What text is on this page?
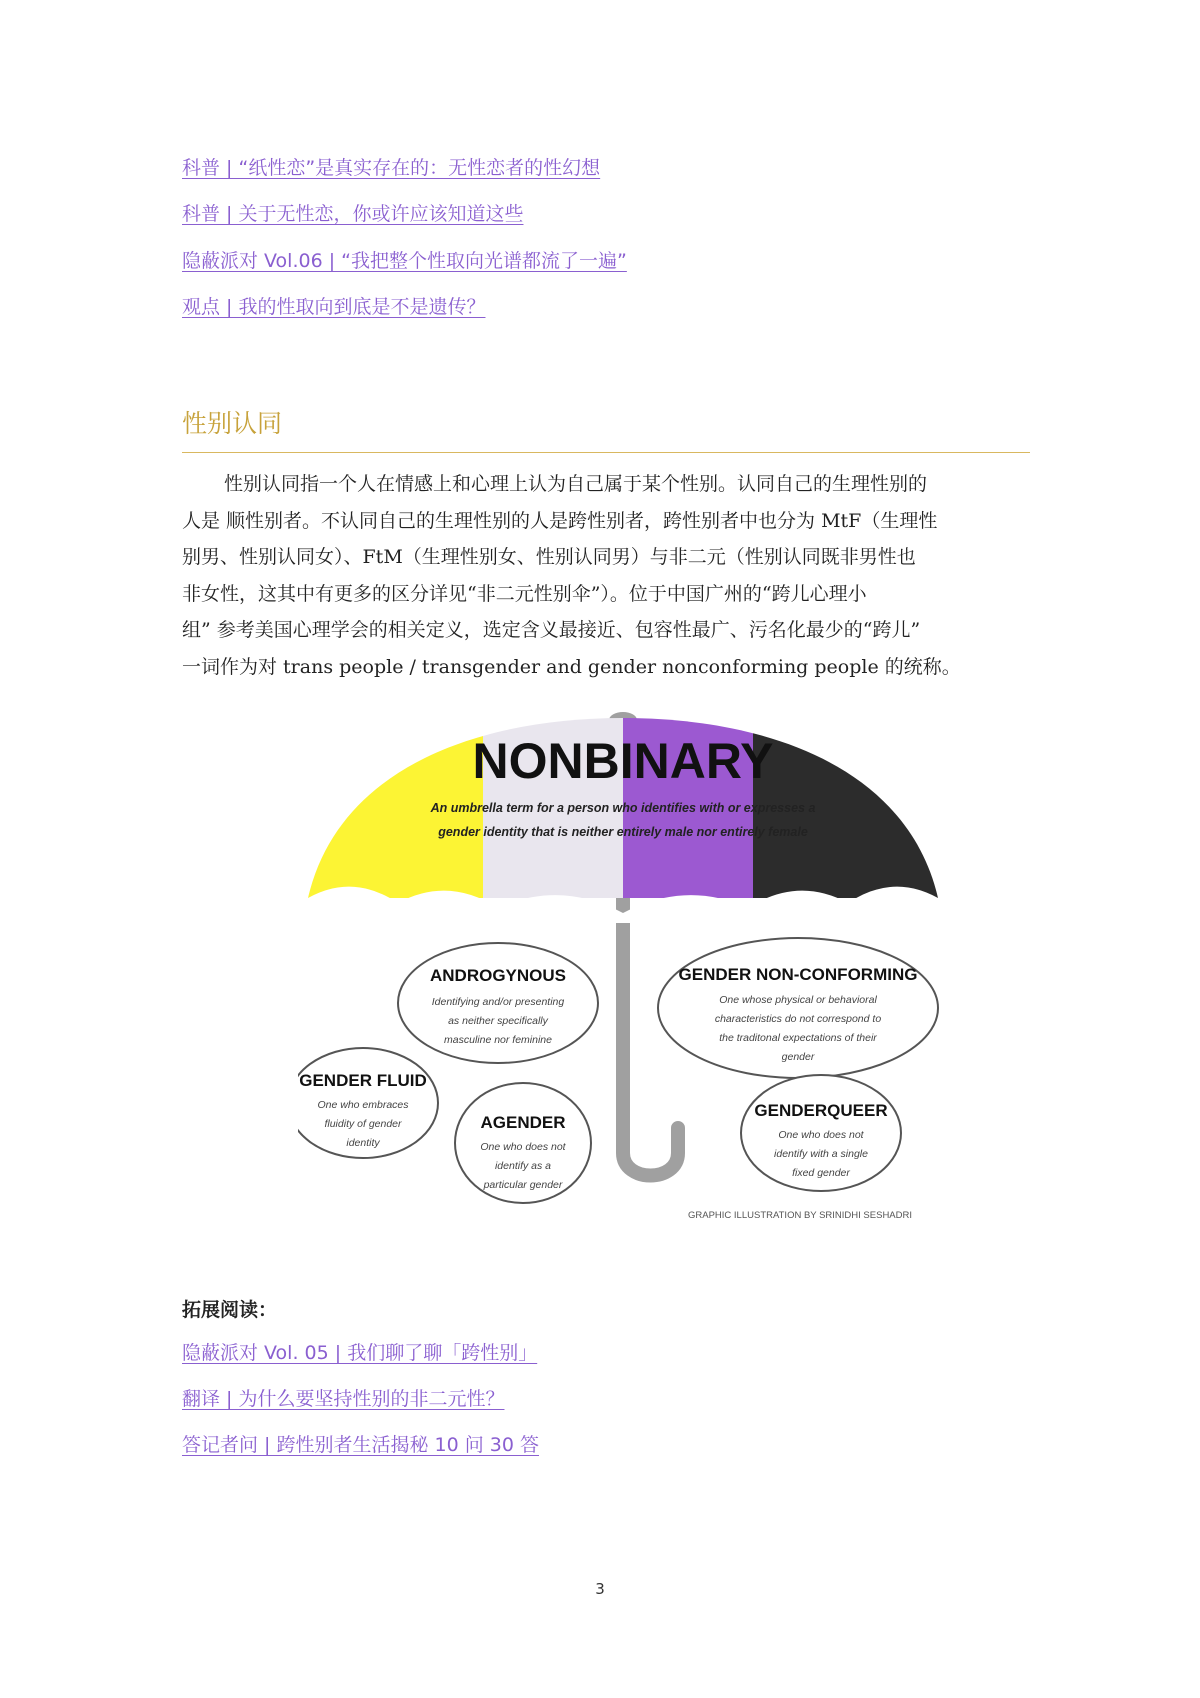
科普 | “纸性恋”是真实存在的：无性恋者的性幻想
科普 | 关于无性恋，你或许应该知道这些
隐蔽派对 Vol.06 | “我把整个性取向光谱都流了一遍”
观点 | 我的性取向到底是不是遗传？
性别认同
性别认同指一个人在情感上和心理上认为自己属于某个性别。认同自己的生理性别的
人是 顺性别者。不认同自己的生理性别的人是跨性别者，跨性别者中也分为 MtF（生理性
别男、性别认同女）、FtM（生理性别女、性别认同男）与非二元（性别认同既非男性也
非女性，这其中有更多的区分详见“非二元性别伞”）。位于中国广州的“跨儿心理小
组” 参考美国心理学会的相关定义，选定含义最接近、包容性最广、污名化最少的“跨儿”
一词作为对 trans people / transgender and gender nonconforming people 的统称。
NONBINARY
An umbrella term for a person who identifies with or expresses a
gender identity that is neither entirely male nor entirely female
ANDROGYNOUS
Identifying and/or presenting
as neither specifically
masculine nor feminine
GENDER NON-CONFORMING
One whose physical or behavioral
characteristics do not correspond to
the traditonal expectations of their
gender
GENDER FLUID
One who embraces
fluidity of gender
identity
AGENDER
One who does not
identify as a
particular gender
GENDERQUEER
One who does not
identify with a single
fixed gender
GRAPHIC ILLUSTRATION BY SRINIDHI SESHADRI
拓展阅读：
隐蔽派对 Vol. 05 | 我们聊了聊「跨性别」
翻译 | 为什么要坚持性别的非二元性？
答记者问 | 跨性别者生活揭秘 10 问 30 答
3
